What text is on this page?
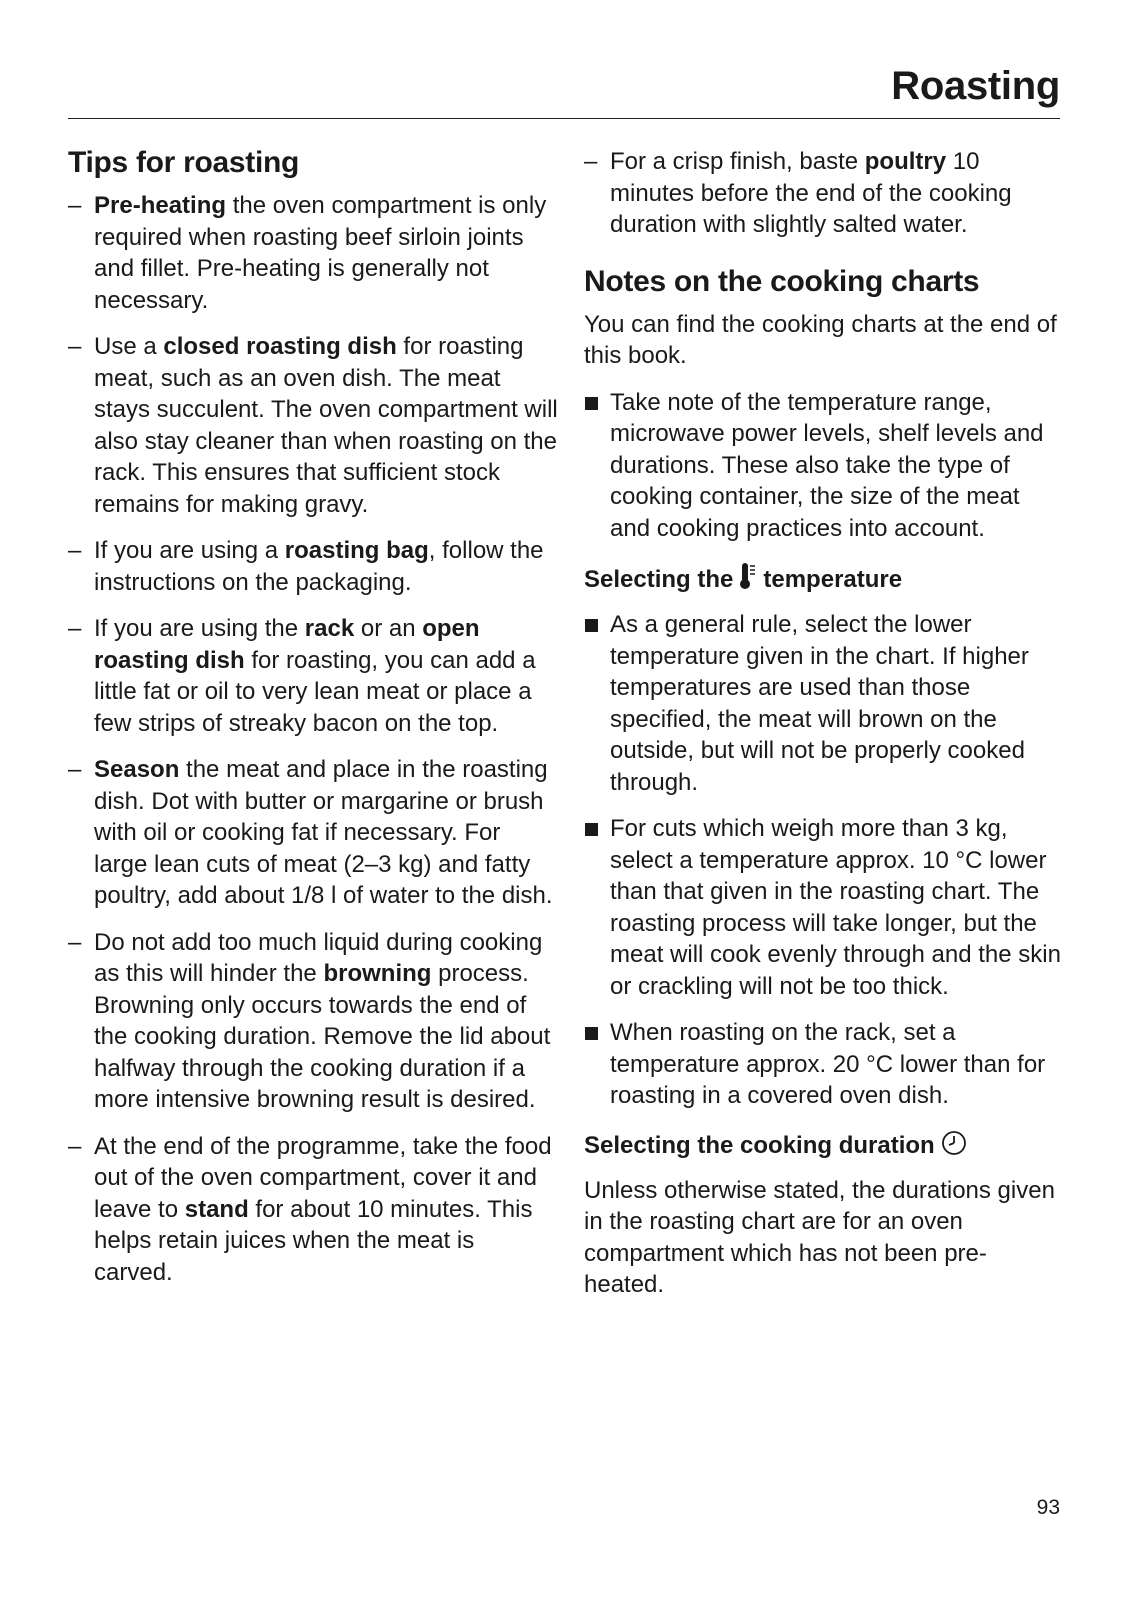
Roasting
Tips for roasting
– Pre-heating the oven compartment is only required when roasting beef sirloin joints and fillet. Pre-heating is generally not necessary.
– Use a closed roasting dish for roasting meat, such as an oven dish. The meat stays succulent. The oven compartment will also stay cleaner than when roasting on the rack. This ensures that sufficient stock remains for making gravy.
– If you are using a roasting bag, follow the instructions on the packaging.
– If you are using the rack or an open roasting dish for roasting, you can add a little fat or oil to very lean meat or place a few strips of streaky bacon on the top.
– Season the meat and place in the roasting dish. Dot with butter or margarine or brush with oil or cooking fat if necessary. For large lean cuts of meat (2–3 kg) and fatty poultry, add about 1/8 l of water to the dish.
– Do not add too much liquid during cooking as this will hinder the browning process. Browning only occurs towards the end of the cooking duration. Remove the lid about halfway through the cooking duration if a more intensive browning result is desired.
– At the end of the programme, take the food out of the oven compartment, cover it and leave to stand for about 10 minutes. This helps retain juices when the meat is carved.
– For a crisp finish, baste poultry 10 minutes before the end of the cooking duration with slightly salted water.
Notes on the cooking charts

You can find the cooking charts at the end of this book.

Take note of the temperature range, microwave power levels, shelf levels and durations. These also take the type of cooking container, the size of the meat and cooking practices into account.
Selecting the temperature
As a general rule, select the lower temperature given in the chart. If higher temperatures are used than those specified, the meat will brown on the outside, but will not be properly cooked through.
For cuts which weigh more than 3 kg, select a temperature approx. 10 °C lower than that given in the roasting chart. The roasting process will take longer, but the meat will cook evenly through and the skin or crackling will not be too thick.
When roasting on the rack, set a temperature approx. 20 °C lower than for roasting in a covered oven dish.
Selecting the cooking duration

Unless otherwise stated, the durations given in the roasting chart are for an oven compartment which has not been pre-heated.

93
